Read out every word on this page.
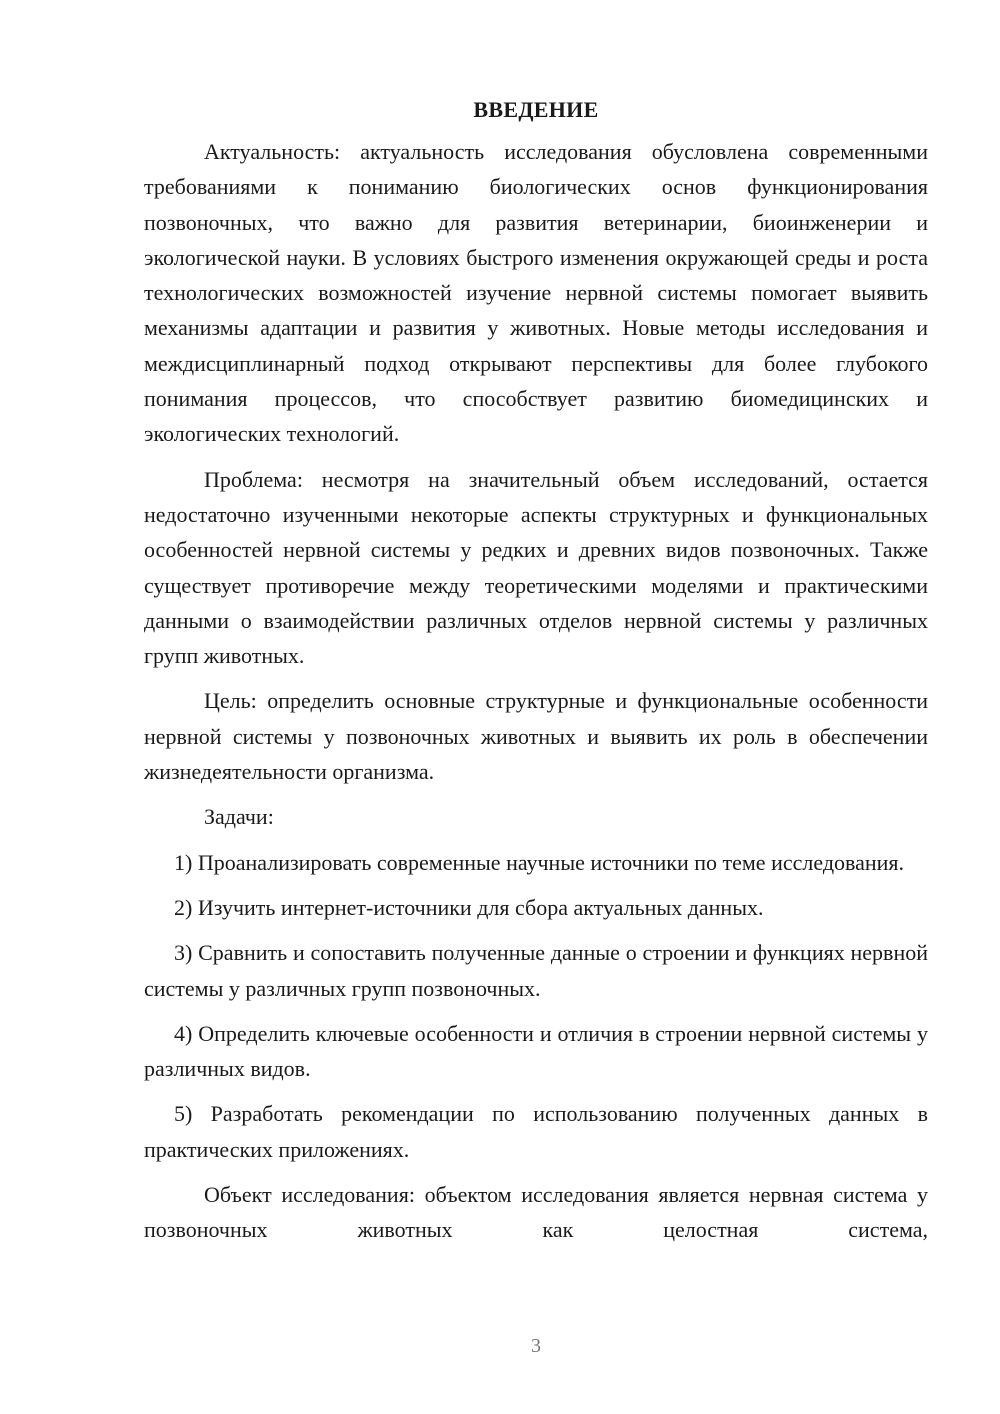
ВВЕДЕНИЕ

Актуальность: актуальность исследования обусловлена современными требованиями к пониманию биологических основ функционирования позвоночных, что важно для развития ветеринарии, биоинженерии и экологической науки. В условиях быстрого изменения окружающей среды и роста технологических возможностей изучение нервной системы помогает выявить механизмы адаптации и развития у животных. Новые методы исследования и междисциплинарный подход открывают перспективы для более глубокого понимания процессов, что способствует развитию биомедицинских и экологических технологий.

Проблема: несмотря на значительный объем исследований, остается недостаточно изученными некоторые аспекты структурных и функциональных особенностей нервной системы у редких и древних видов позвоночных. Также существует противоречие между теоретическими моделями и практическими данными о взаимодействии различных отделов нервной системы у различных групп животных.

Цель: определить основные структурные и функциональные особенности нервной системы у позвоночных животных и выявить их роль в обеспечении жизнедеятельности организма.

Задачи:

1) Проанализировать современные научные источники по теме исследования.

2) Изучить интернет-источники для сбора актуальных данных.

3) Сравнить и сопоставить полученные данные о строении и функциях нервной системы у различных групп позвоночных.

4) Определить ключевые особенности и отличия в строении нервной системы у различных видов.

5) Разработать рекомендации по использованию полученных данных в практических приложениях.

Объект исследования: объектом исследования является нервная система у позвоночных животных как целостная система,

3
